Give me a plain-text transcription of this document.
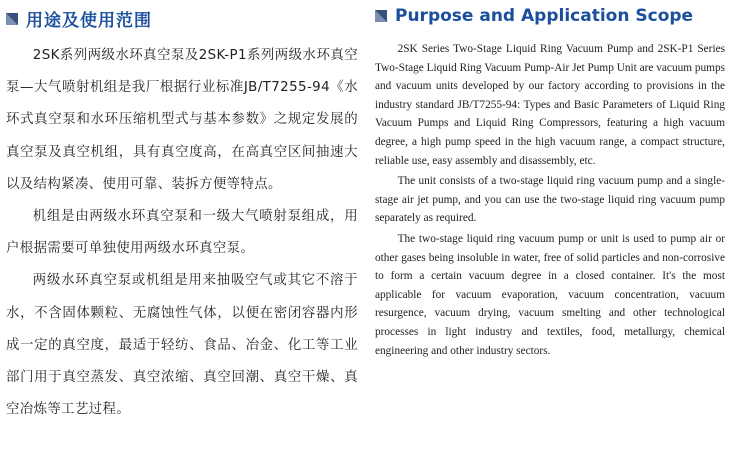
用途及使用范围

2SK系列两级水环真空泵及2SK-P1系列两级水环真空泵—大气喷射机组是我厂根据行业标准JB/T7255-94《水环式真空泵和水环压缩机型式与基本参数》之规定发展的真空泵及真空机组，具有真空度高，在高真空区间抽速大以及结构紧凑、使用可靠、装拆方便等特点。

机组是由两级水环真空泵和一级大气喷射泵组成，用户根据需要可单独使用两级水环真空泵。

两级水环真空泵或机组是用来抽吸空气或其它不溶于水，不含固体颗粒、无腐蚀性气体，以便在密闭容器内形成一定的真空度，最适于轻纺、食品、冶金、化工等工业部门用于真空蒸发、真空浓缩、真空回潮、真空干燥、真空冶炼等工艺过程。

Purpose and Application Scope

2SK Series Two-Stage Liquid Ring Vacuum Pump and 2SK-P1 Series Two-Stage Liquid Ring Vacuum Pump-Air Jet Pump Unit are vacuum pumps and vacuum units developed by our factory according to provisions in the industry standard JB/T7255-94: Types and Basic Parameters of Liquid Ring Vacuum Pumps and Liquid Ring Compressors, featuring a high vacuum degree, a high pump speed in the high vacuum range, a compact structure, reliable use, easy assembly and disassembly, etc.

The unit consists of a two-stage liquid ring vacuum pump and a single-stage air jet pump, and you can use the two-stage liquid ring vacuum pump separately as required.

The two-stage liquid ring vacuum pump or unit is used to pump air or other gases being insoluble in water, free of solid particles and non-corrosive to form a certain vacuum degree in a closed container. It's the most applicable for vacuum evaporation, vacuum concentration, vacuum resurgence, vacuum drying, vacuum smelting and other technological processes in light industry and textiles, food, metallurgy, chemical engineering and other industry sectors.
